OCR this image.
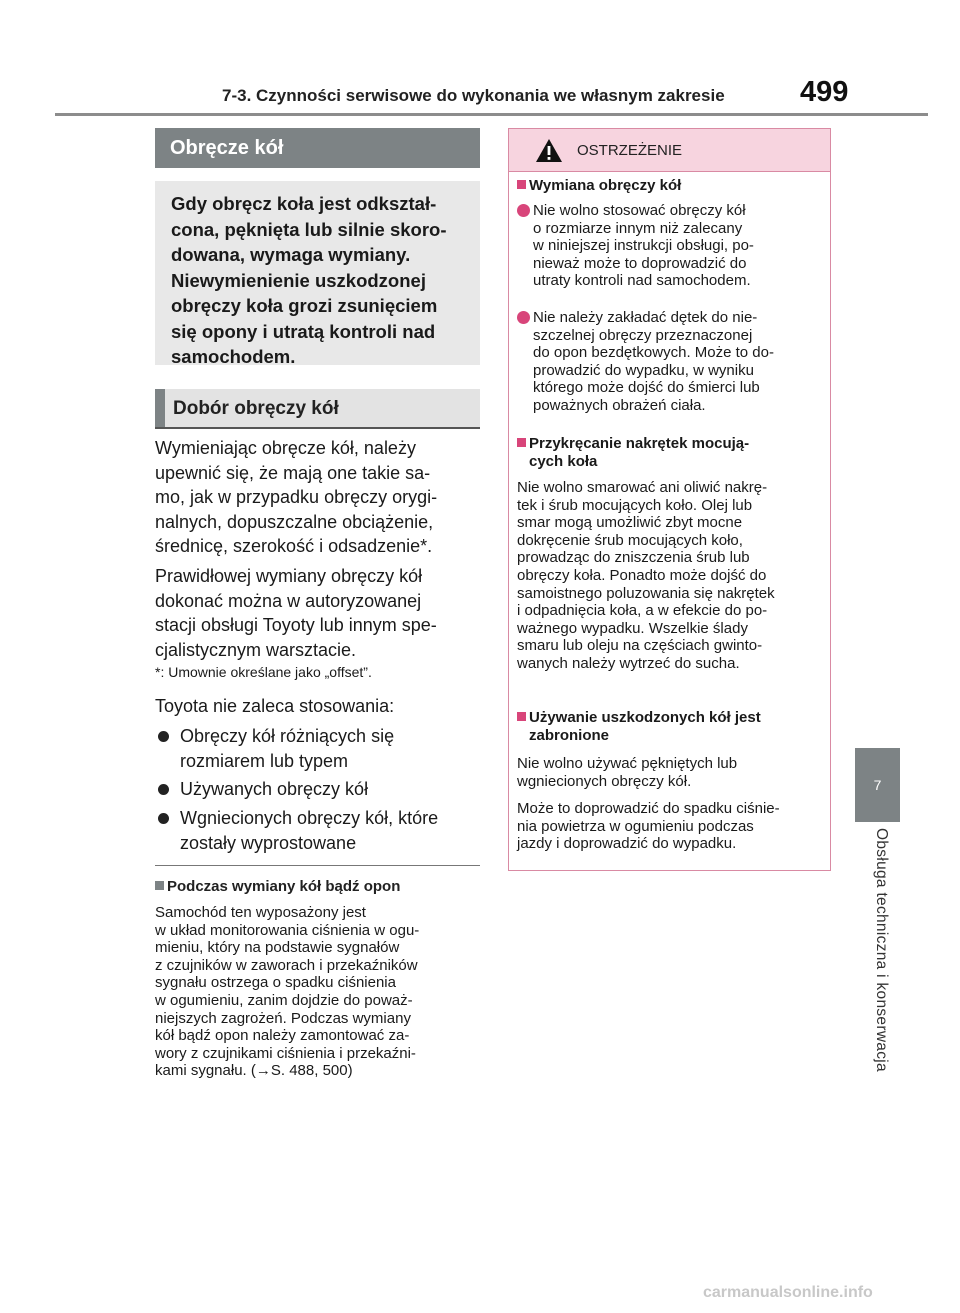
7-3. Czynności serwisowe do wykonania we własnym zakresie	499
Obręcze kół
Gdy obręcz koła jest odkształ-
cona, pęknięta lub silnie skoro-
dowana, wymaga wymiany.
Niewymienienie uszkodzonej
obręczy koła grozi zsunięciem
się opony i utratą kontroli nad
samochodem.
Dobór obręczy kół
Wymieniając obręcze kół, należy
upewnić się, że mają one takie sa-
mo, jak w przypadku obręczy orygi-
nalnych, dopuszczalne obciążenie,
średnicę, szerokość i odsadzenie*.
Prawidłowej wymiany obręczy kół
dokonać można w autoryzowanej
stacji obsługi Toyoty lub innym spe-
cjalistycznym warsztacie.
*: Umownie określane jako „offset”.
Toyota nie zaleca stosowania:
Obręczy kół różniących się
rozmiarem lub typem
Używanych obręczy kół
Wgniecionych obręczy kół, które
zostały wyprostowane
Podczas wymiany kół bądź opon
Samochód ten wyposażony jest
w układ monitorowania ciśnienia w ogu-
mieniu, który na podstawie sygnałów
z czujników w zaworach i przekaźników
sygnału ostrzega o spadku ciśnienia
w ogumieniu, zanim dojdzie do poważ-
niejszych zagrożeń. Podczas wymiany
kół bądź opon należy zamontować za-
wory z czujnikami ciśnienia i przekaźni-
kami sygnału. (→S. 488, 500)
OSTRZEŻENIE
Wymiana obręczy kół
Nie wolno stosować obręczy kół
o rozmiarze innym niż zalecany
w niniejszej instrukcji obsługi, po-
nieważ może to doprowadzić do
utraty kontroli nad samochodem.
Nie należy zakładać dętek do nie-
szczelnej obręczy przeznaczonej
do opon bezdętkowych. Może to do-
prowadzić do wypadku, w wyniku
którego może dojść do śmierci lub
poważnych obrażeń ciała.
Przykręcanie nakrętek mocują-
cych koła
Nie wolno smarować ani oliwić nakrę-
tek i śrub mocujących koło. Olej lub
smar mogą umożliwić zbyt mocne
dokręcenie śrub mocujących koło,
prowadząc do zniszczenia śrub lub
obręczy koła. Ponadto może dojść do
samoistnego poluzowania się nakrętek
i odpadnięcia koła, a w efekcie do po-
ważnego wypadku. Wszelkie ślady
smaru lub oleju na częściach gwinto-
wanych należy wytrzeć do sucha.
Używanie uszkodzonych kół jest
zabronione
Nie wolno używać pękniętych lub
wgniecionych obręczy kół.
Może to doprowadzić do spadku ciśnie-
nia powietrza w ogumieniu podczas
jazdy i doprowadzić do wypadku.
7
Obsługa techniczna i konserwacja
carmanualsonline.info
